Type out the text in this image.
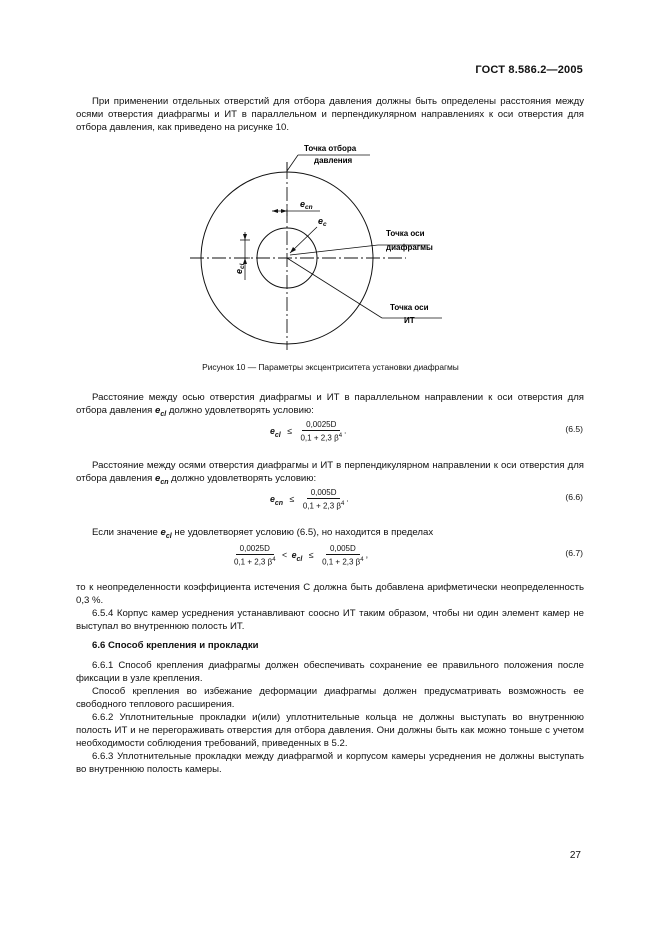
ГОСТ 8.586.2—2005
При применении отдельных отверстий для отбора давления должны быть определены расстояния между осями отверстия диафрагмы и ИТ в параллельном и перпендикулярном направлениях к оси отверстия для отбора давления, как приведено на рисунке 10.
Точка отбора
давления
Точка оси
диафрагмы
Точка оси
ИТ
$e_{cn}$
$e_c$
$e_{cl}$
Рисунок 10 — Параметры эксцентриситета установки диафрагмы
Расстояние между осью отверстия диафрагмы и ИТ в параллельном направлении к оси отверстия для отбора давления $e_{cl}$ должно удовлетворять условию:
$e_{cl} \le \frac{0,0025D}{0,1 + 2,3 \beta^4}$ .	(6.5)
Расстояние между осями отверстия диафрагмы и ИТ в перпендикулярном направлении к оси отверстия для отбора давления $e_{cn}$ должно удовлетворять условию:
$e_{cn} \le \frac{0,005D}{0,1 + 2,3 \beta^4}$ .	(6.6)
Если значение $e_{cl}$ не удовлетворяет условию (6.5), но находится в пределах
$\frac{0,0025D}{0,1 + 2,3 \beta^4} < e_{cl} \le \frac{0,005D}{0,1 + 2,3 \beta^4}$ ,	(6.7)
то к неопределенности коэффициента истечения C должна быть добавлена арифметически неопределенность 0,3 %.
6.5.4 Корпус камер усреднения устанавливают соосно ИТ таким образом, чтобы ни один элемент камер не выступал во внутреннюю полость ИТ.
6.6 Способ крепления и прокладки
6.6.1 Способ крепления диафрагмы должен обеспечивать сохранение ее правильного положения после фиксации в узле крепления.
Способ крепления во избежание деформации диафрагмы должен предусматривать возможность ее свободного теплового расширения.
6.6.2 Уплотнительные прокладки и(или) уплотнительные кольца не должны выступать во внутреннюю полость ИТ и не перегораживать отверстия для отбора давления. Они должны быть как можно тоньше с учетом необходимости соблюдения требований, приведенных в 5.2.
6.6.3 Уплотнительные прокладки между диафрагмой и корпусом камеры усреднения не должны выступать во внутреннюю полость камеры.
27
